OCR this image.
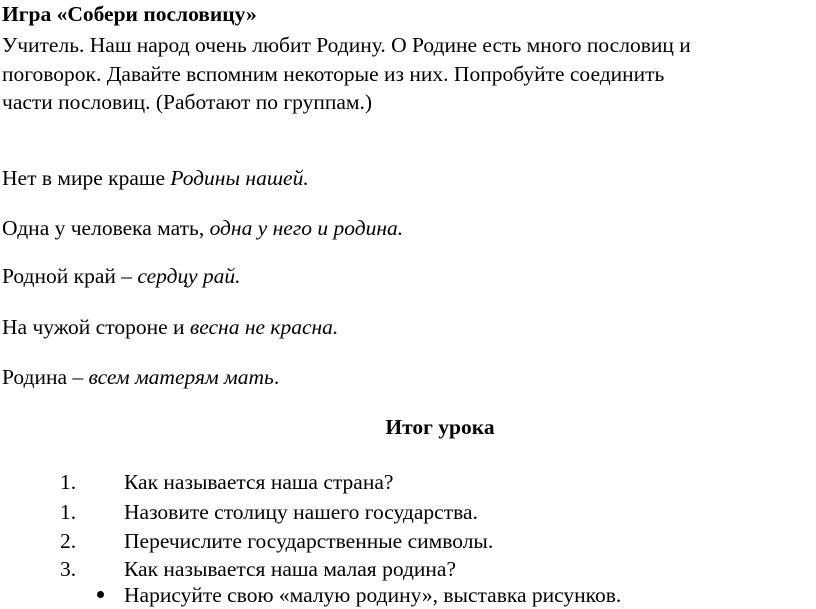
Игра «Собери пословицу»
Учитель. Наш народ очень любит Родину. О Родине есть много пословиц и
поговорок. Давайте вспомним некоторые из них. Попробуйте соединить
части пословиц. (Работают по группам.)
Нет в мире краше Родины нашей.
Одна у человека мать, одна у него и родина.
Родной край – сердцу рай.
На чужой стороне и весна не красна.
Родина – всем матерям мать.
Итог урока
1. Как называется наша страна?
1. Назовите столицу нашего государства.
2. Перечислите государственные символы.
3. Как называется наша малая родина?
Нарисуйте свою «малую родину», выставка рисунков.
